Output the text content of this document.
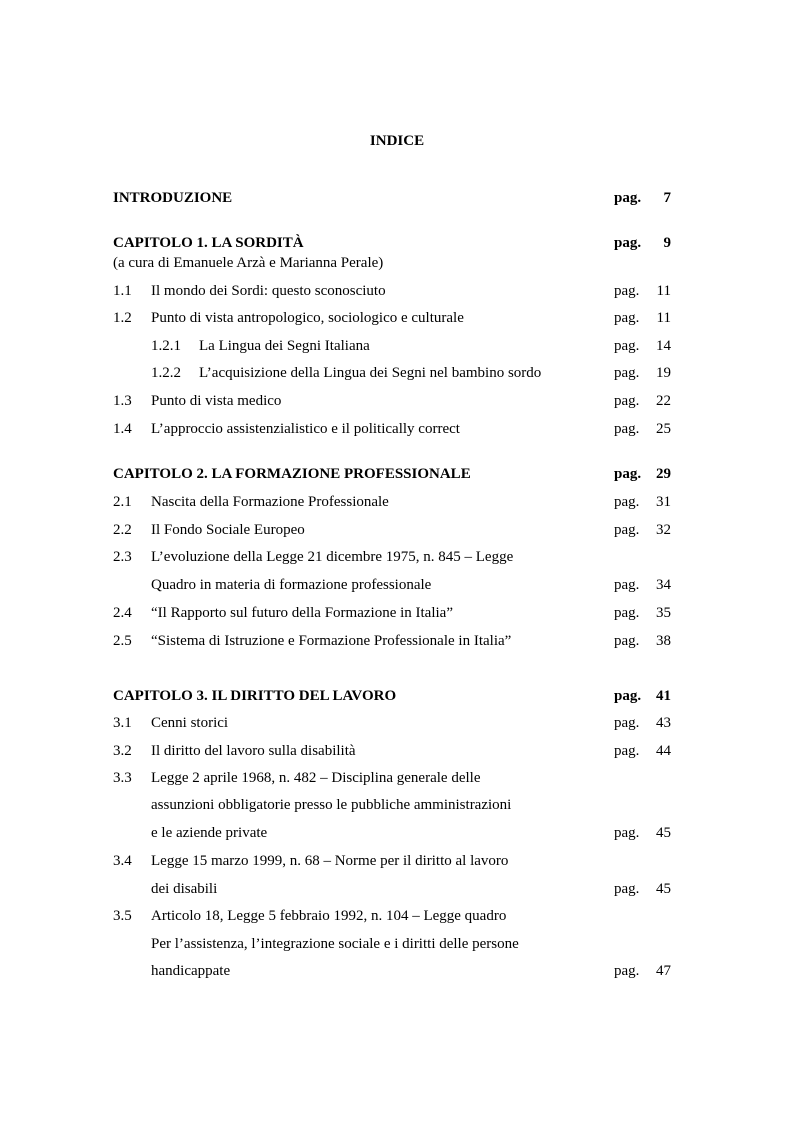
INDICE
INTRODUZIONE	pag. 7
CAPITOLO 1. LA SORDITÀ	pag. 9
(a cura di Emanuele Arzà e Marianna Perale)
1.1 Il mondo dei Sordi: questo sconosciuto	pag. 11
1.2 Punto di vista antropologico, sociologico e culturale	pag. 11
1.2.1 La Lingua dei Segni Italiana	pag. 14
1.2.2 L’acquisizione della Lingua dei Segni nel bambino sordo	pag. 19
1.3 Punto di vista medico	pag. 22
1.4 L’approccio assistenzialistico e il politically correct	pag. 25
CAPITOLO 2. LA FORMAZIONE PROFESSIONALE	pag. 29
2.1 Nascita della Formazione Professionale	pag. 31
2.2 Il Fondo Sociale Europeo	pag. 32
2.3 L’evoluzione della Legge 21 dicembre 1975, n. 845 – Legge
Quadro in materia di formazione professionale	pag. 34
2.4 “Il Rapporto sul futuro della Formazione in Italia”	pag. 35
2.5 “Sistema di Istruzione e Formazione Professionale in Italia”	pag. 38
CAPITOLO 3. IL DIRITTO DEL LAVORO	pag. 41
3.1 Cenni storici	pag. 43
3.2 Il diritto del lavoro sulla disabilità	pag. 44
3.3 Legge 2 aprile 1968, n. 482 – Disciplina generale delle
assunzioni obbligatorie presso le pubbliche amministrazioni
e le aziende private	pag. 45
3.4 Legge 15 marzo 1999, n. 68 – Norme per il diritto al lavoro
dei disabili	pag. 45
3.5 Articolo 18, Legge 5 febbraio 1992, n. 104 – Legge quadro
Per l’assistenza, l’integrazione sociale e i diritti delle persone
handicappate	pag. 47
